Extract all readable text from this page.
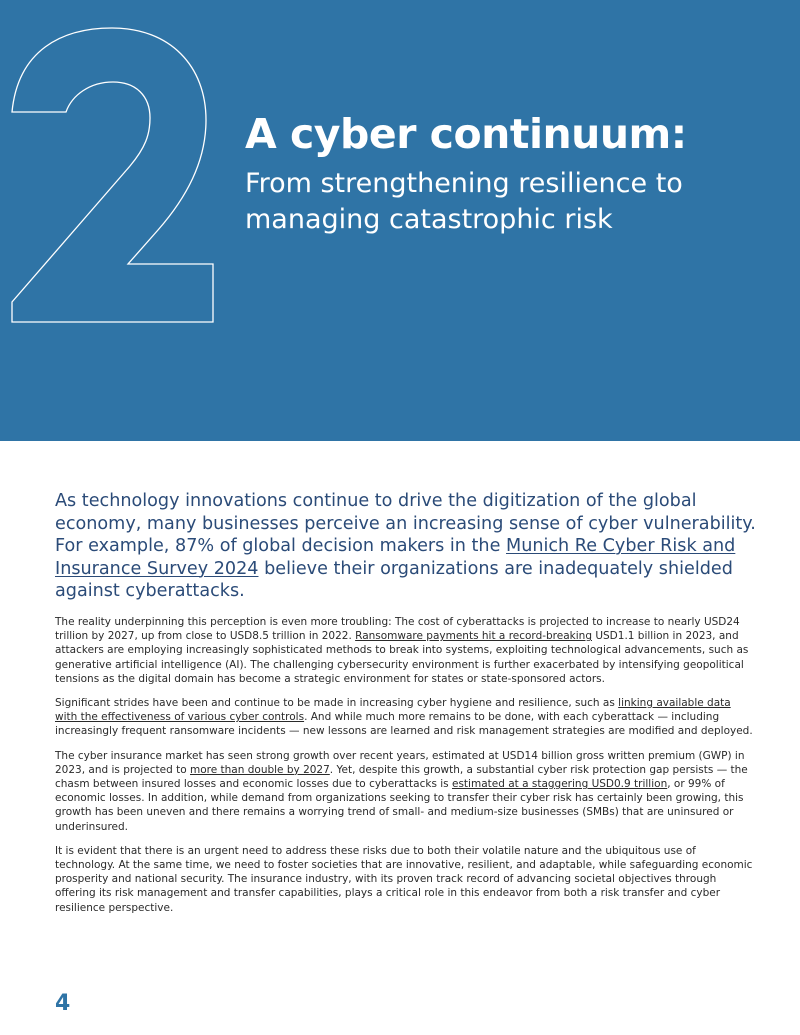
A cyber continuum:
From strengthening resilience to managing catastrophic risk

As technology innovations continue to drive the digitization of the global economy, many businesses perceive an increasing sense of cyber vulnerability. For example, 87% of global decision makers in the Munich Re Cyber Risk and Insurance Survey 2024 believe their organizations are inadequately shielded against cyberattacks.

The reality underpinning this perception is even more troubling: The cost of cyberattacks is projected to increase to nearly USD24 trillion by 2027, up from close to USD8.5 trillion in 2022. Ransomware payments hit a record-breaking USD1.1 billion in 2023, and attackers are employing increasingly sophisticated methods to break into systems, exploiting technological advancements, such as generative artificial intelligence (AI). The challenging cybersecurity environment is further exacerbated by intensifying geopolitical tensions as the digital domain has become a strategic environment for states or state-sponsored actors.

Significant strides have been and continue to be made in increasing cyber hygiene and resilience, such as linking available data with the effectiveness of various cyber controls. And while much more remains to be done, with each cyberattack — including increasingly frequent ransomware incidents — new lessons are learned and risk management strategies are modified and deployed.

The cyber insurance market has seen strong growth over recent years, estimated at USD14 billion gross written premium (GWP) in 2023, and is projected to more than double by 2027. Yet, despite this growth, a substantial cyber risk protection gap persists — the chasm between insured losses and economic losses due to cyberattacks is estimated at a staggering USD0.9 trillion, or 99% of economic losses. In addition, while demand from organizations seeking to transfer their cyber risk has certainly been growing, this growth has been uneven and there remains a worrying trend of small- and medium-size businesses (SMBs) that are uninsured or underinsured.

It is evident that there is an urgent need to address these risks due to both their volatile nature and the ubiquitous use of technology. At the same time, we need to foster societies that are innovative, resilient, and adaptable, while safeguarding economic prosperity and national security. The insurance industry, with its proven track record of advancing societal objectives through offering its risk management and transfer capabilities, plays a critical role in this endeavor from both a risk transfer and cyber resilience perspective.

4
